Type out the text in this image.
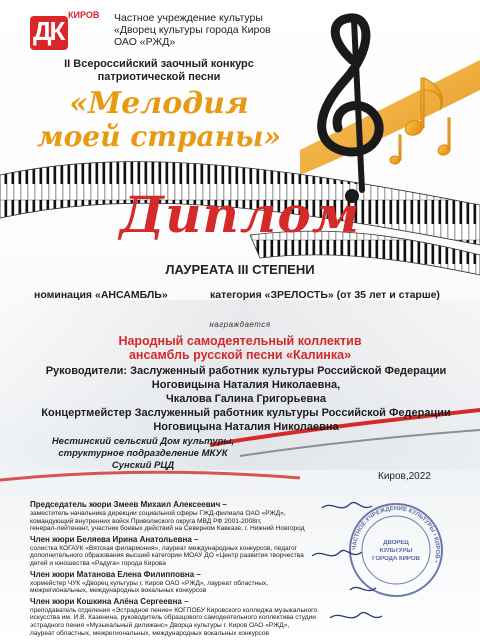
ЧАСТНОЕ УЧРЕЖДЕНИЕ КУЛЬТУРЫ • КИРОВ •
ДВОРЕЦ
КУЛЬТУРЫ
ГОРОДА КИРОВ
ДК
КИРОВ Частное учреждение культуры
«Дворец культуры города Киров
ОАО «РЖД»
II Всероссийский заочный конкурс
патриотической песни
«Мелодия
моей страны»
Диплом
ЛАУРЕАТА III СТЕПЕНИ
номинация «АНСАМБЛЬ»	категория «ЗРЕЛОСТЬ» (от 35 лет и старше)
награждается
Народный самодеятельный коллектив
ансамбль русской песни «Калинка»
Руководители: Заслуженный работник культуры Российской Федерации
Ноговицына Наталия Николаевна,
Чкалова Галина Григорьевна
Концертмейстер Заслуженный работник культуры Российской Федерации
Ноговицына Наталия Николаевна
Нестинский сельский Дом культуры,
структурное подразделение МКУК
Сунский РЦД
Киров,2022
Председатель жюри Змеев Михаил Алексеевич –
заместитель начальника дирекции социальной сферы ГЖД-филиала ОАО «РЖД»,
командующий внутренних войск Приволжского округа МВД РФ 2001-2008гг,
генерал-лейтенант, участник боевых действий на Северном Кавказе, г. Нижний Новгород
Член жюри Беляева Ирина Анатольевна –
солистка КОГАУК «Вятская филармония», лауреат международных конкурсов, педагог
дополнительного образования высшей категории МОАУ ДО «Центр развития творчества
детей и юношества «Радуга» города Кирова
Член жюри Матанова Елена Филипповна –
хормейстер ЧУК «Дворец культуры г. Киров ОАО «РЖД», лауреат областных,
межрегиональных, международных вокальных конкурсов
Член жюри Кошкина Алёна Сергеевна –
преподаватель отделения «Эстрадное пение» КОГПОБУ Кировского колледжа музыкального
искусства им. И.В. Казенина, руководитель образцового самодеятельного коллектива студии
эстрадного пения «Музыкальный дилижанс» Дворца культуры г. Киров ОАО «РЖД»,
лауреат областных, межрегиональных, международных вокальных конкурсов
